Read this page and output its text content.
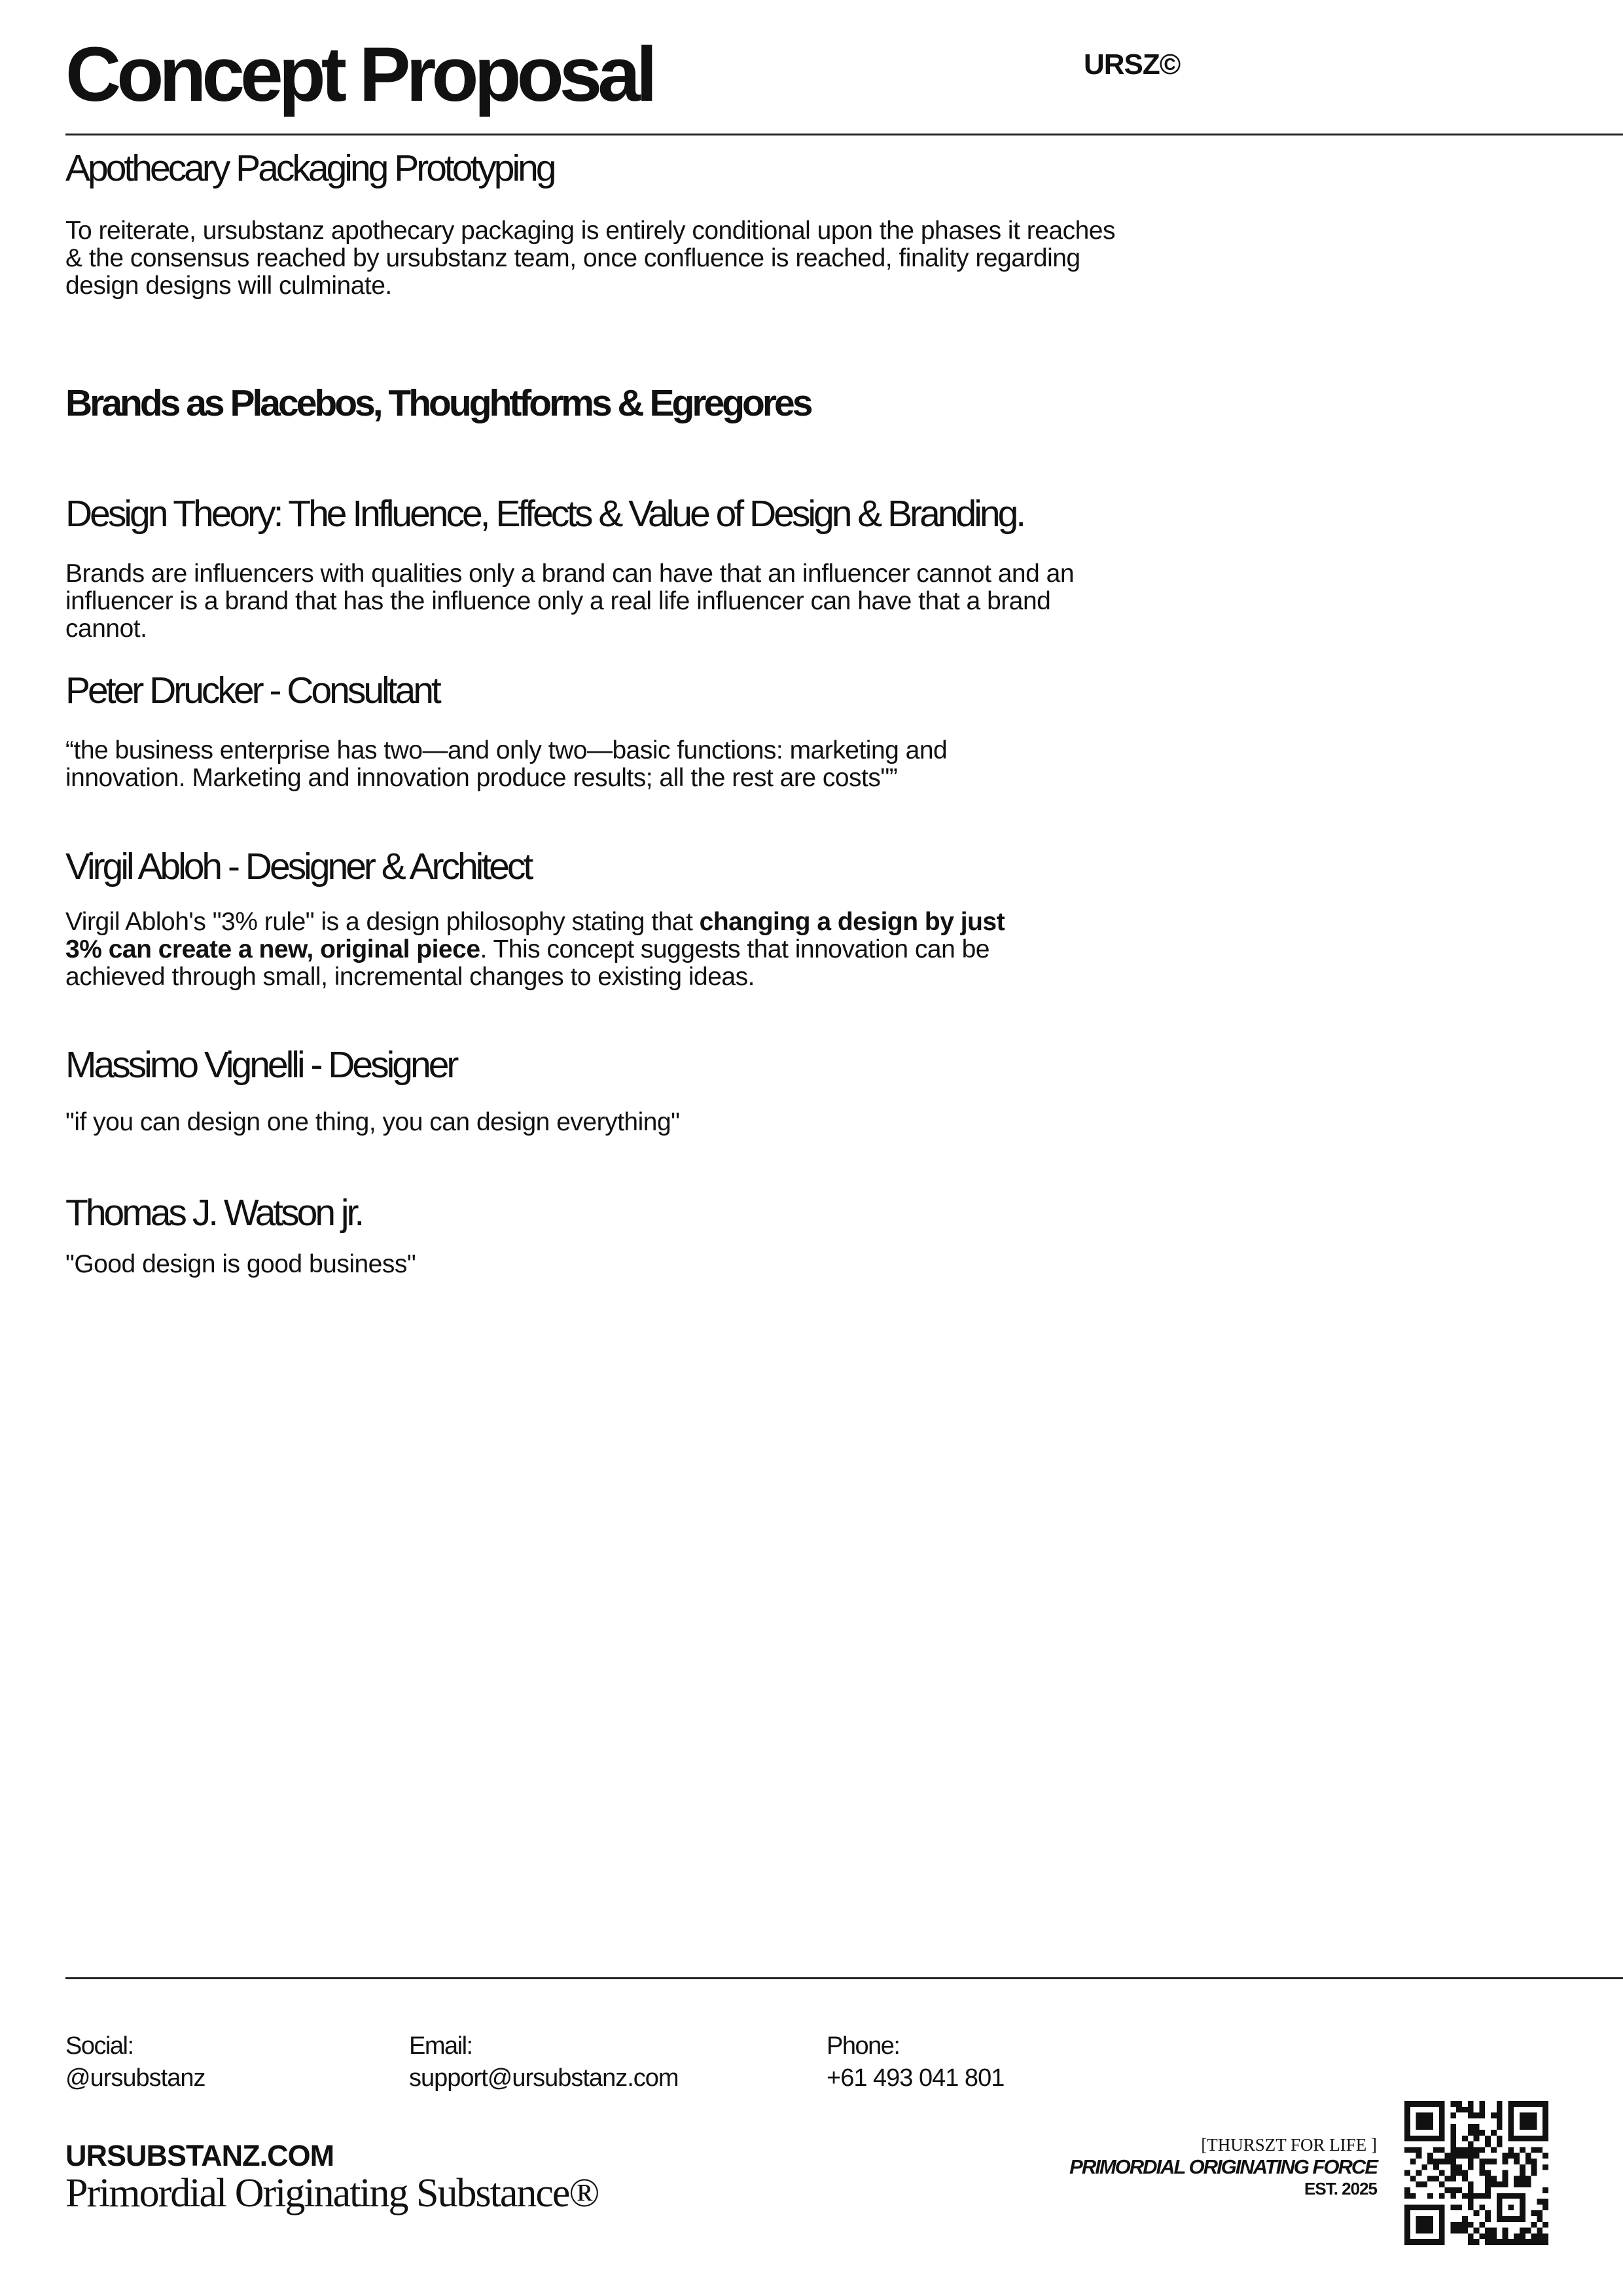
Concept Proposal	URSZ©
Apothecary Packaging Prototyping
To reiterate, ursubstanz apothecary packaging is entirely conditional upon the phases it reaches
& the consensus reached by ursubstanz team, once confluence is reached, finality regarding
design designs will culminate.
Brands as Placebos, Thoughtforms & Egregores
Design Theory: The Influence, Effects & Value of Design & Branding.
Brands are influencers with qualities only a brand can have that an influencer cannot and an
influencer is a brand that has the influence only a real life influencer can have that a brand
cannot.
Peter Drucker - Consultant
“the business enterprise has two—and only two—basic functions: marketing and
innovation. Marketing and innovation produce results; all the rest are costs"”
Virgil Abloh - Designer & Architect
Virgil Abloh's "3% rule" is a design philosophy stating that changing a design by just
3% can create a new, original piece. This concept suggests that innovation can be
achieved through small, incremental changes to existing ideas.
Massimo Vignelli - Designer
"if you can design one thing, you can design everything"
Thomas J. Watson jr.
"Good design is good business"
Social:
@ursubstanz
Email:
support@ursubstanz.com
Phone:
+61 493 041 801
URSUBSTANZ.COM
Primordial Originating Substance®
[THURSZT FOR LIFE ]
PRIMORDIAL ORIGINATING FORCE
EST. 2025
